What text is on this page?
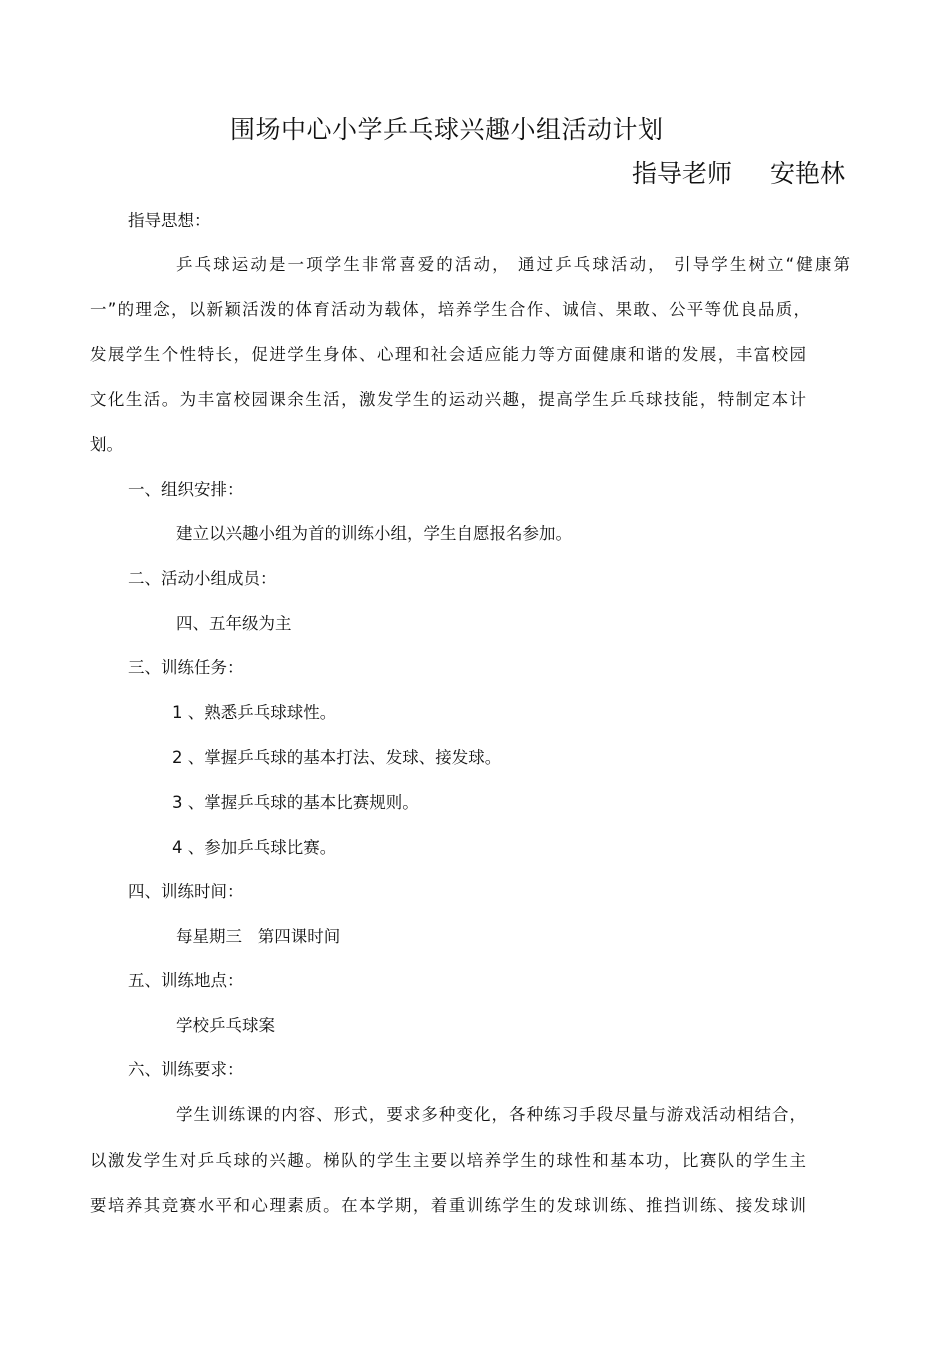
围场中心小学乒乓球兴趣小组活动计划
指导老师 安艳林
指导思想：
乒乓球运动是一项学生非常喜爱的活动， 通过乒乓球活动， 引导学生树立“健康第
一”的理念，以新颖活泼的体育活动为载体，培养学生合作、诚信、果敢、公平等优良品质，
发展学生个性特长，促进学生身体、心理和社会适应能力等方面健康和谐的发展，丰富校园
文化生活。为丰富校园课余生活，激发学生的运动兴趣，提高学生乒乓球技能，特制定本计
划。
一、组织安排：
建立以兴趣小组为首的训练小组，学生自愿报名参加。
二、活动小组成员：
四、五年级为主
三、训练任务：
1 、熟悉乒乓球球性。
2 、掌握乒乓球的基本打法、发球、接发球。
3 、掌握乒乓球的基本比赛规则。
4 、参加乒乓球比赛。
四、训练时间：
每星期三   第四课时间
五、训练地点：
学校乒乓球案
六、训练要求：
学生训练课的内容、形式，要求多种变化，各种练习手段尽量与游戏活动相结合，
以激发学生对乒乓球的兴趣。梯队的学生主要以培养学生的球性和基本功，比赛队的学生主
要培养其竞赛水平和心理素质。在本学期，着重训练学生的发球训练、推挡训练、接发球训
